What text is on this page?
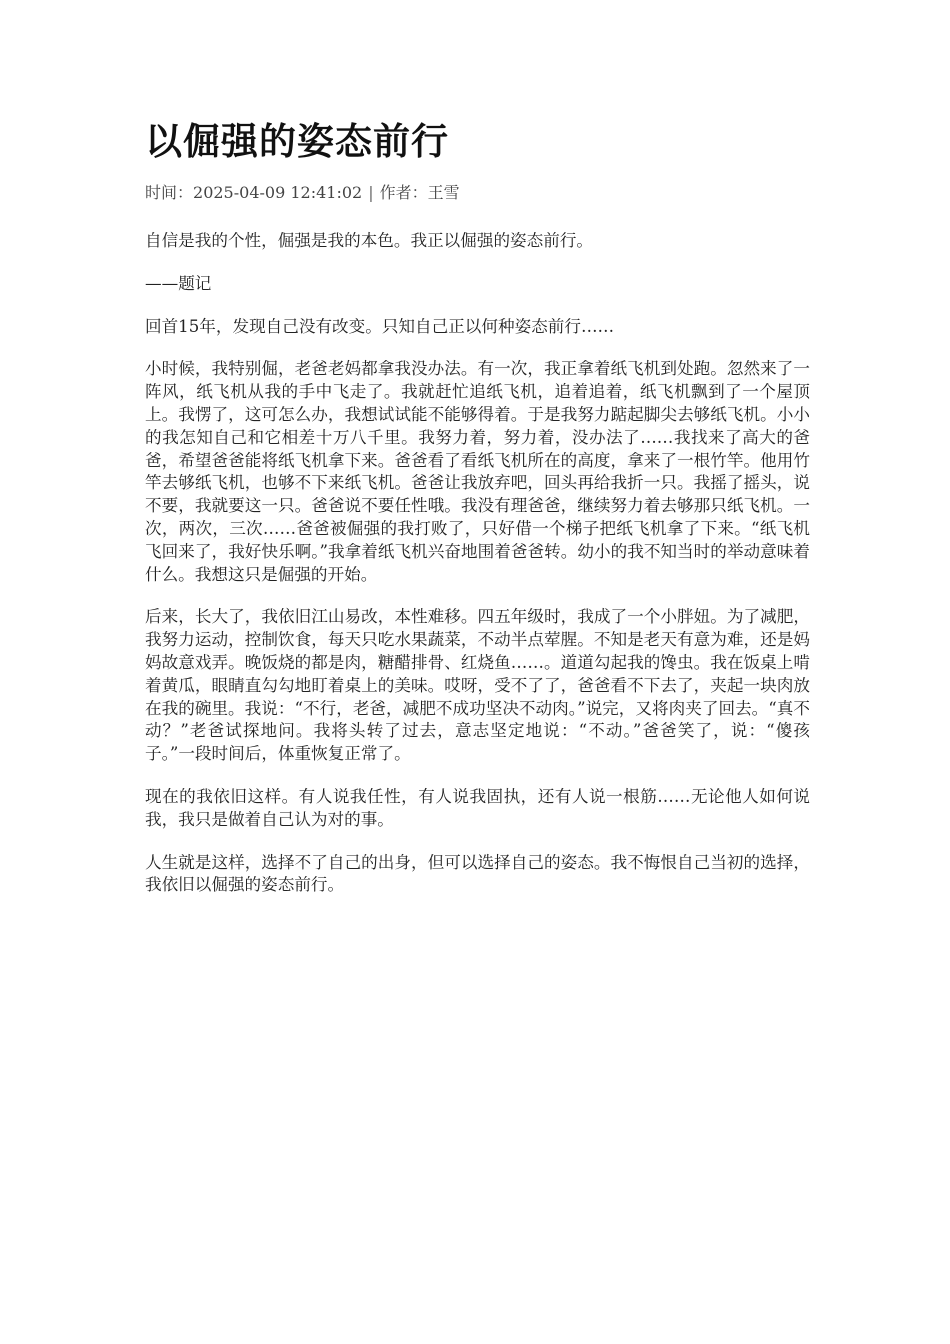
以倔强的姿态前行
时间：2025-04-09 12:41:02 | 作者：王雪

自信是我的个性，倔强是我的本色。我正以倔强的姿态前行。

——题记

回首15年，发现自己没有改变。只知自己正以何种姿态前行……

小时候，我特别倔，老爸老妈都拿我没办法。有一次，我正拿着纸飞机到处跑。忽然来了一阵风，纸飞机从我的手中飞走了。我就赶忙追纸飞机，追着追着，纸飞机飘到了一个屋顶上。我愣了，这可怎么办，我想试试能不能够得着。于是我努力踮起脚尖去够纸飞机。小小的我怎知自己和它相差十万八千里。我努力着，努力着，没办法了……我找来了高大的爸爸，希望爸爸能将纸飞机拿下来。爸爸看了看纸飞机所在的高度，拿来了一根竹竿。他用竹竿去够纸飞机，也够不下来纸飞机。爸爸让我放弃吧，回头再给我折一只。我摇了摇头，说不要，我就要这一只。爸爸说不要任性哦。我没有理爸爸，继续努力着去够那只纸飞机。一次，两次，三次……爸爸被倔强的我打败了，只好借一个梯子把纸飞机拿了下来。“纸飞机飞回来了，我好快乐啊。”我拿着纸飞机兴奋地围着爸爸转。幼小的我不知当时的举动意味着什么。我想这只是倔强的开始。

后来，长大了，我依旧江山易改，本性难移。四五年级时，我成了一个小胖妞。为了减肥，我努力运动，控制饮食，每天只吃水果蔬菜，不动半点荤腥。不知是老天有意为难，还是妈妈故意戏弄。晚饭烧的都是肉，糖醋排骨、红烧鱼……。道道勾起我的馋虫。我在饭桌上啃着黄瓜，眼睛直勾勾地盯着桌上的美味。哎呀，受不了了，爸爸看不下去了，夹起一块肉放在我的碗里。我说：“不行，老爸，减肥不成功坚决不动肉。”说完，又将肉夹了回去。“真不动？”老爸试探地问。我将头转了过去，意志坚定地说：“不动。”爸爸笑了，说：“傻孩子。”一段时间后，体重恢复正常了。

现在的我依旧这样。有人说我任性，有人说我固执，还有人说一根筋……无论他人如何说我，我只是做着自己认为对的事。

人生就是这样，选择不了自己的出身，但可以选择自己的姿态。我不悔恨自己当初的选择，我依旧以倔强的姿态前行。
